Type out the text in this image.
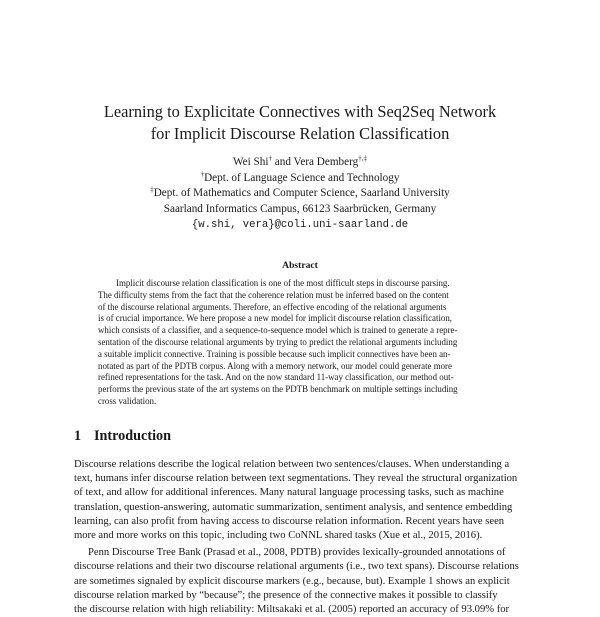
Learning to Explicitate Connectives with Seq2Seq Network
for Implicit Discourse Relation Classification
Wei Shi† and Vera Demberg†,‡
†Dept. of Language Science and Technology
‡Dept. of Mathematics and Computer Science, Saarland University
Saarland Informatics Campus, 66123 Saarbrücken, Germany
{w.shi, vera}@coli.uni-saarland.de
Abstract
Implicit discourse relation classification is one of the most difficult steps in discourse parsing.
The difficulty stems from the fact that the coherence relation must be inferred based on the content
of the discourse relational arguments. Therefore, an effective encoding of the relational arguments
is of crucial importance. We here propose a new model for implicit discourse relation classification,
which consists of a classifier, and a sequence-to-sequence model which is trained to generate a repre-
sentation of the discourse relational arguments by trying to predict the relational arguments including
a suitable implicit connective. Training is possible because such implicit connectives have been an-
notated as part of the PDTB corpus. Along with a memory network, our model could generate more
refined representations for the task. And on the now standard 11-way classification, our method out-
performs the previous state of the art systems on the PDTB benchmark on multiple settings including
cross validation.
1 Introduction
Discourse relations describe the logical relation between two sentences/clauses. When understanding a
text, humans infer discourse relation between text segmentations. They reveal the structural organization
of text, and allow for additional inferences. Many natural language processing tasks, such as machine
translation, question-answering, automatic summarization, sentiment analysis, and sentence embedding
learning, can also profit from having access to discourse relation information. Recent years have seen
more and more works on this topic, including two CoNNL shared tasks (Xue et al., 2015, 2016).
Penn Discourse Tree Bank (Prasad et al., 2008, PDTB) provides lexically-grounded annotations of
discourse relations and their two discourse relational arguments (i.e., two text spans). Discourse relations
are sometimes signaled by explicit discourse markers (e.g., because, but). Example 1 shows an explicit
discourse relation marked by “because”; the presence of the connective makes it possible to classify
the discourse relation with high reliability: Miltsakaki et al. (2005) reported an accuracy of 93.09% for
